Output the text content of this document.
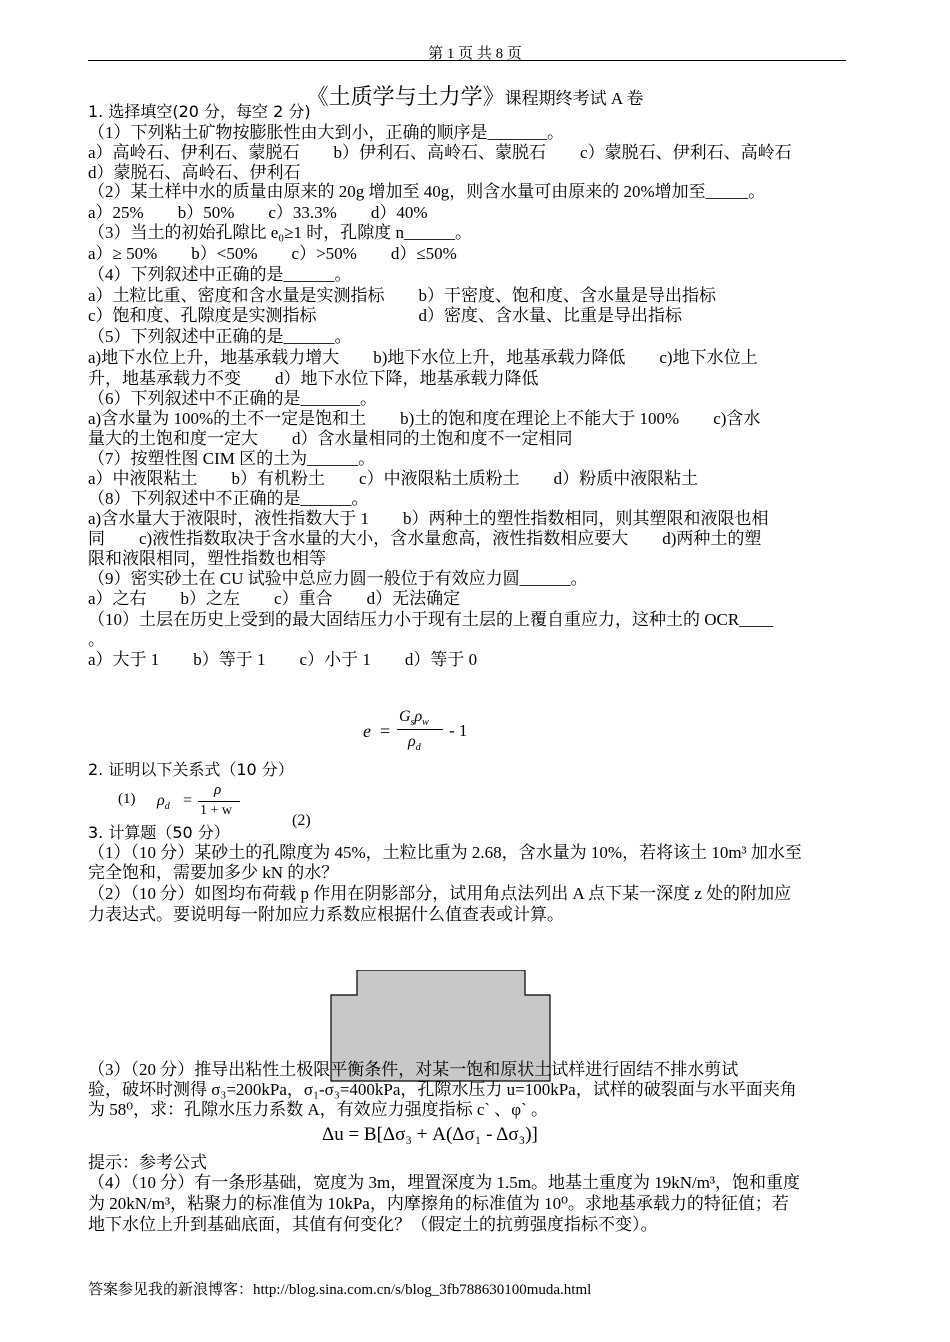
第 1 页 共 8 页
《土质学与土力学》课程期终考试 A 卷
1. 选择填空(20 分，每空 2 分)
（1）下列粘土矿物按膨胀性由大到小，正确的顺序是_______。
a）高岭石、伊利石、蒙脱石　　b）伊利石、高岭石、蒙脱石　　c）蒙脱石、伊利石、高岭石
d）蒙脱石、高岭石、伊利石
（2）某土样中水的质量由原来的 20g 增加至 40g，则含水量可由原来的 20%增加至_____。
a）25%　　b）50%　　c）33.3%　　d）40%
（3）当土的初始孔隙比 e₀≥1 时，孔隙度 n______。
a）≥ 50%　　b）<50%　　c）>50%　　d）≤50%
（4）下列叙述中正确的是______。
a）土粒比重、密度和含水量是实测指标　　b）干密度、饱和度、含水量是导出指标
c）饱和度、孔隙度是实测指标　　　　　　d）密度、含水量、比重是导出指标
（5）下列叙述中正确的是______。
a)地下水位上升，地基承载力增大　　b)地下水位上升，地基承载力降低　　c)地下水位上
升，地基承载力不变　　d）地下水位下降，地基承载力降低
（6）下列叙述中不正确的是_______。
a)含水量为 100%的土不一定是饱和土　　b)土的饱和度在理论上不能大于 100%　　c)含水
量大的土饱和度一定大　　d）含水量相同的土饱和度不一定相同
（7）按塑性图 CIM 区的土为______。
a）中液限粘土　　b）有机粉土　　c）中液限粘土质粉土　　d）粉质中液限粘土
（8）下列叙述中不正确的是______。
a)含水量大于液限时，液性指数大于 1　　b）两种土的塑性指数相同，则其塑限和液限也相
同　　c)液性指数取决于含水量的大小，含水量愈高，液性指数相应要大　　d)两种土的塑
限和液限相同，塑性指数也相等
（9）密实砂土在 CU 试验中总应力圆一般位于有效应力圆______。
a）之右　　b）之左　　c）重合　　d）无法确定
（10）土层在历史上受到的最大固结压力小于现有土层的上覆自重应力，这种土的 OCR____
。
a）大于 1　　b）等于 1　　c）小于 1　　d）等于 0
e =
$G_s\rho_w$
$\rho_d$
- 1
2. 证明以下关系式（10 分）
(1) $\rho_d$ =
ρ
1 + w
(2)
3. 计算题（50 分）
（1）（10 分）某砂土的孔隙度为 45%，土粒比重为 2.68，含水量为 10%，若将该土 10m³ 加水至
完全饱和，需要加多少 kN 的水？
（2）（10 分）如图均布荷载 p 作用在阴影部分，试用角点法列出 A 点下某一深度 z 处的附加应
力表达式。要说明每一附加应力系数应根据什么值查表或计算。
（3）（20 分）推导出粘性土极限平衡条件，对某一饱和原状土试样进行固结不排水剪试
验，破坏时测得 σ₃=200kPa，σ₁-σ₃=400kPa，孔隙水压力 u=100kPa，试样的破裂面与水平面夹角
为 58⁰，求：孔隙水压力系数 A，有效应力强度指标 c` 、φ` 。
Δu = B[Δσ₃ + A(Δσ₁ - Δσ₃)]
提示：参考公式
（4）（10 分）有一条形基础，宽度为 3m，埋置深度为 1.5m。地基土重度为 19kN/m³，饱和重度
为 20kN/m³，粘聚力的标准值为 10kPa，内摩擦角的标准值为 10⁰。求地基承载力的特征值；若
地下水位上升到基础底面，其值有何变化？（假定土的抗剪强度指标不变）。
答案参见我的新浪博客：http://blog.sina.com.cn/s/blog_3fb788630100muda.html
